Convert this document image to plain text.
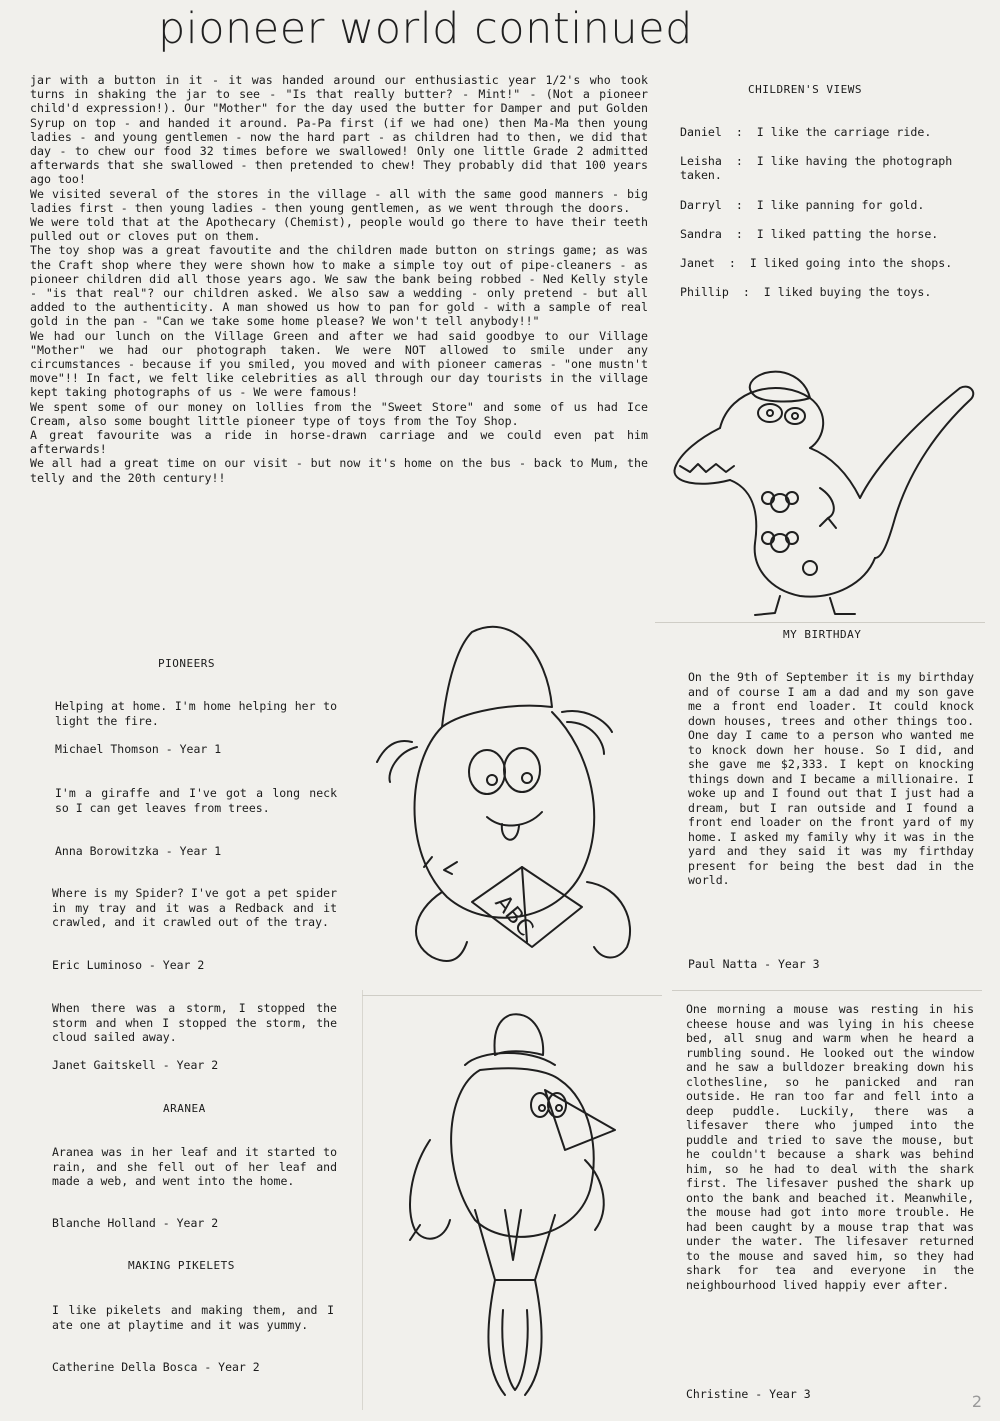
pioneer world continued

jar with a button in it - it was handed around our enthusiastic year 1/2's who took turns in shaking the jar to see - "Is that really butter? - Mint!" - (Not a pioneer child'd expression!). Our "Mother" for the day used the butter for Damper and put Golden Syrup on top - and handed it around. Pa-Pa first (if we had one) then Ma-Ma then young ladies - and young gentlemen - now the hard part - as children had to then, we did that day - to chew our food 32 times before we swallowed! Only one little Grade 2 admitted afterwards that she swallowed - then pretended to chew! They probably did that 100 years ago too!

We visited several of the stores in the village - all with the same good manners - big ladies first - then young ladies - then young gentlemen, as we went through the doors.

We were told that at the Apothecary (Chemist), people would go there to have their teeth pulled out or cloves put on them.

The toy shop was a great favoutite and the children made button on strings game; as was the Craft shop where they were shown how to make a simple toy out of pipe-cleaners - as pioneer children did all those years ago. We saw the bank being robbed - Ned Kelly style - "is that real"? our children asked. We also saw a wedding - only pretend - but all added to the authenticity. A man showed us how to pan for gold - with a sample of real gold in the pan - "Can we take some home please? We won't tell anybody!!"

We had our lunch on the Village Green and after we had said goodbye to our Village "Mother" we had our photograph taken. We were NOT allowed to smile under any circumstances - because if you smiled, you moved and with pioneer cameras - "one mustn't move"!! In fact, we felt like celebrities as all through our day tourists in the village kept taking photographs of us - We were famous!

We spent some of our money on lollies from the "Sweet Store" and some of us had Ice Cream, also some bought little pioneer type of toys from the Toy Shop.

A great favourite was a ride in horse-drawn carriage and we could even pat him afterwards!

We all had a great time on our visit - but now it's home on the bus - back to Mum, the telly and the 20th century!!

CHILDREN'S VIEWS
Daniel  :  I like the carriage ride.
Leisha  :  I like having the photograph taken.
Darryl  :  I like panning for gold.
Sandra  :  I liked patting the horse.
Janet  :  I liked going into the shops.
Phillip  :  I liked buying the toys.
PIONEERS

Helping at home. I'm home helping her to light the fire.

Michael Thomson - Year 1

I'm a giraffe and I've got a long neck so I can get leaves from trees.

Anna Borowitzka - Year 1

Where is my Spider? I've got a pet spider in my tray and it was a Redback and it crawled, and it crawled out of the tray.

Eric Luminoso - Year 2

When there was a storm, I stopped the storm and when I stopped the storm, the cloud sailed away.

Janet Gaitskell - Year 2
ARANEA

Aranea was in her leaf and it started to rain, and she fell out of her leaf and made a web, and went into the home.

Blanche Holland - Year 2
MAKING PIKELETS

I like pikelets and making them, and I ate one at playtime and it was yummy.

Catherine Della Bosca - Year 2
ABC
MY BIRTHDAY

On the 9th of September it is my birthday and of course I am a dad and my son gave me a front end loader. It could knock down houses, trees and other things too. One day I came to a person who wanted me to knock down her house. So I did, and she gave me $2,333. I kept on knocking things down and I became a millionaire. I woke up and I found out that I just had a dream, but I ran outside and I found a front end loader on the front yard of my home. I asked my family why it was in the yard and they said it was my firthday present for being the best dad in the world.

Paul Natta - Year 3

One morning a mouse was resting in his cheese house and was lying in his cheese bed, all snug and warm when he heard a rumbling sound. He looked out the window and he saw a bulldozer breaking down his clothesline, so he panicked and ran outside. He ran too far and fell into a deep puddle. Luckily, there was a lifesaver there who jumped into the puddle and tried to save the mouse, but he couldn't because a shark was behind him, so he had to deal with the shark first. The lifesaver pushed the shark up onto the bank and beached it. Meanwhile, the mouse had got into more trouble. He had been caught by a mouse trap that was under the water. The lifesaver returned to the mouse and saved him, so they had shark for tea and everyone in the neighbourhood lived happiy ever after.

Christine - Year 3	2
